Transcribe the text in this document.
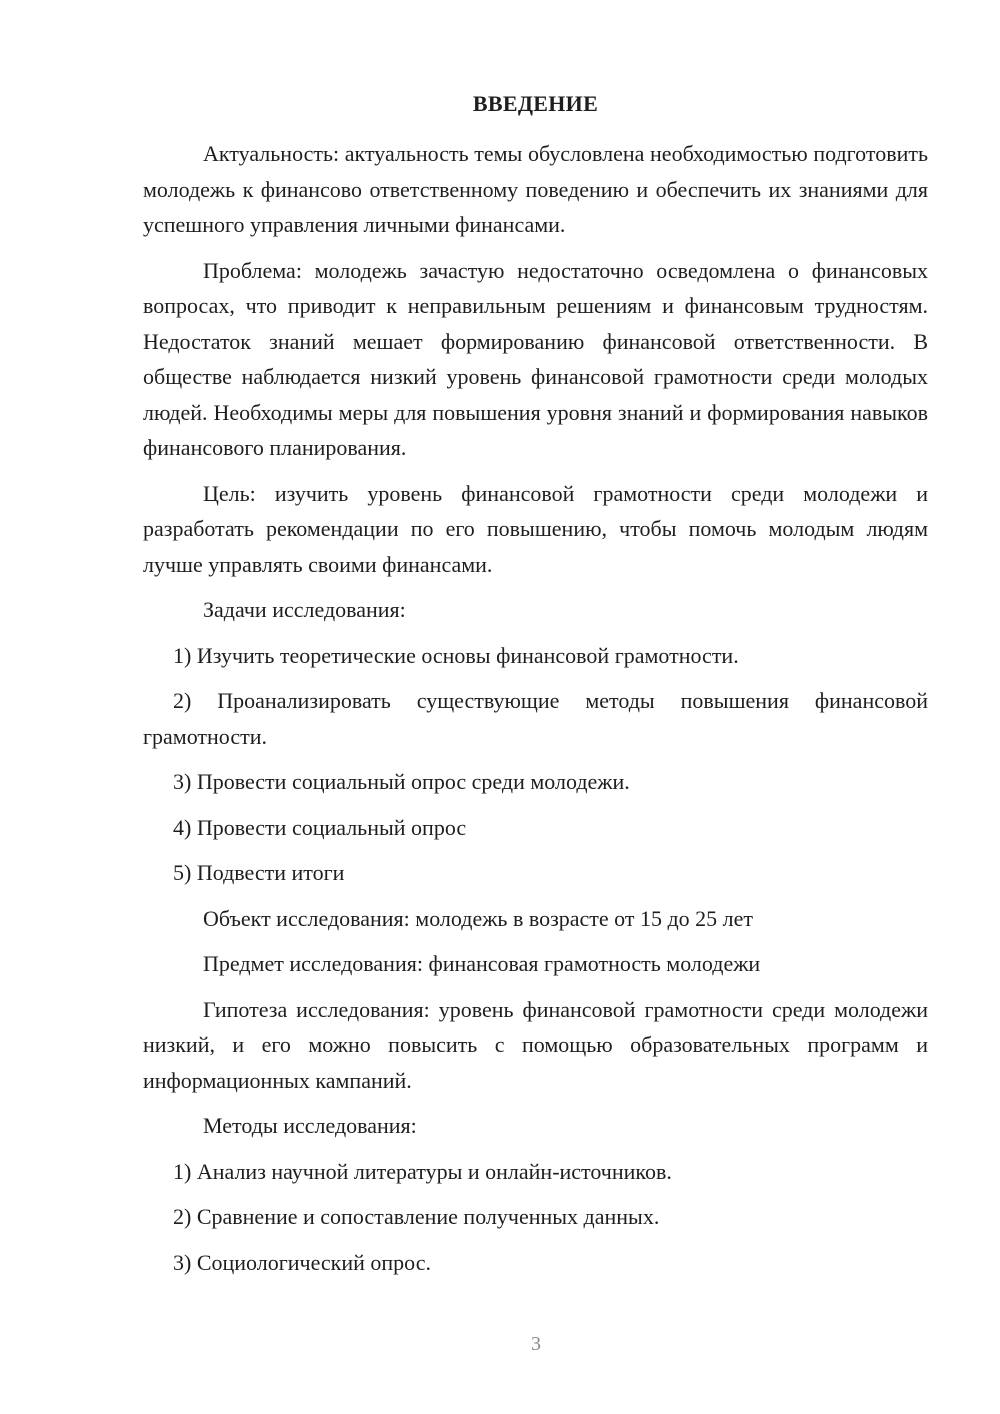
ВВЕДЕНИЕ

Актуальность: актуальность темы обусловлена необходимостью подготовить молодежь к финансово ответственному поведению и обеспечить их знаниями для успешного управления личными финансами.

Проблема: молодежь зачастую недостаточно осведомлена о финансовых вопросах, что приводит к неправильным решениям и финансовым трудностям. Недостаток знаний мешает формированию финансовой ответственности. В обществе наблюдается низкий уровень финансовой грамотности среди молодых людей. Необходимы меры для повышения уровня знаний и формирования навыков финансового планирования.

Цель: изучить уровень финансовой грамотности среди молодежи и разработать рекомендации по его повышению, чтобы помочь молодым людям лучше управлять своими финансами.

Задачи исследования:

1) Изучить теоретические основы финансовой грамотности.

2) Проанализировать существующие методы повышения финансовой грамотности.

3) Провести социальный опрос среди молодежи.

4) Провести социальный опрос

5) Подвести итоги

Объект исследования: молодежь в возрасте от 15 до 25 лет

Предмет исследования: финансовая грамотность молодежи

Гипотеза исследования: уровень финансовой грамотности среди молодежи низкий, и его можно повысить с помощью образовательных программ и информационных кампаний.

Методы исследования:

1) Анализ научной литературы и онлайн-источников.

2) Сравнение и сопоставление полученных данных.

3) Социологический опрос.

3
